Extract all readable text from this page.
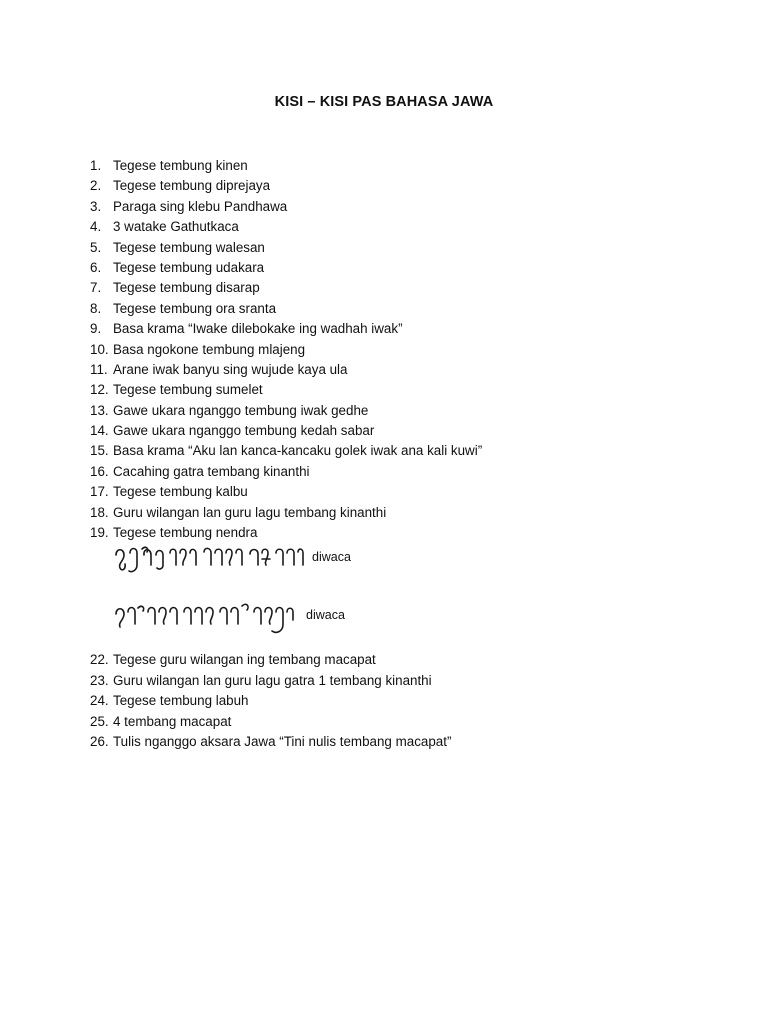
KISI – KISI PAS BAHASA JAWA
1. Tegese tembung kinen
2. Tegese tembung diprejaya
3. Paraga sing klebu Pandhawa
4. 3 watake Gathutkaca
5. Tegese tembung walesan
6. Tegese tembung udakara
7. Tegese tembung disarap
8. Tegese tembung ora sranta
9. Basa krama “Iwake dilebokake ing wadhah iwak”
10. Basa ngokone tembung mlajeng
11. Arane iwak banyu sing wujude kaya ula
12. Tegese tembung sumelet
13. Gawe ukara nganggo tembung iwak gedhe
14. Gawe ukara nganggo tembung kedah sabar
15. Basa krama “Aku lan kanca-kancaku golek iwak ana kali kuwi”
16. Cacahing gatra tembang kinanthi
17. Tegese tembung kalbu
18. Guru wilangan lan guru lagu tembang kinanthi
19. Tegese tembung nendra
diwaca
diwaca
22. Tegese guru wilangan ing tembang macapat
23. Guru wilangan lan guru lagu gatra 1 tembang kinanthi
24. Tegese tembung labuh
25. 4 tembang macapat
26. Tulis nganggo aksara Jawa “Tini nulis tembang macapat”
